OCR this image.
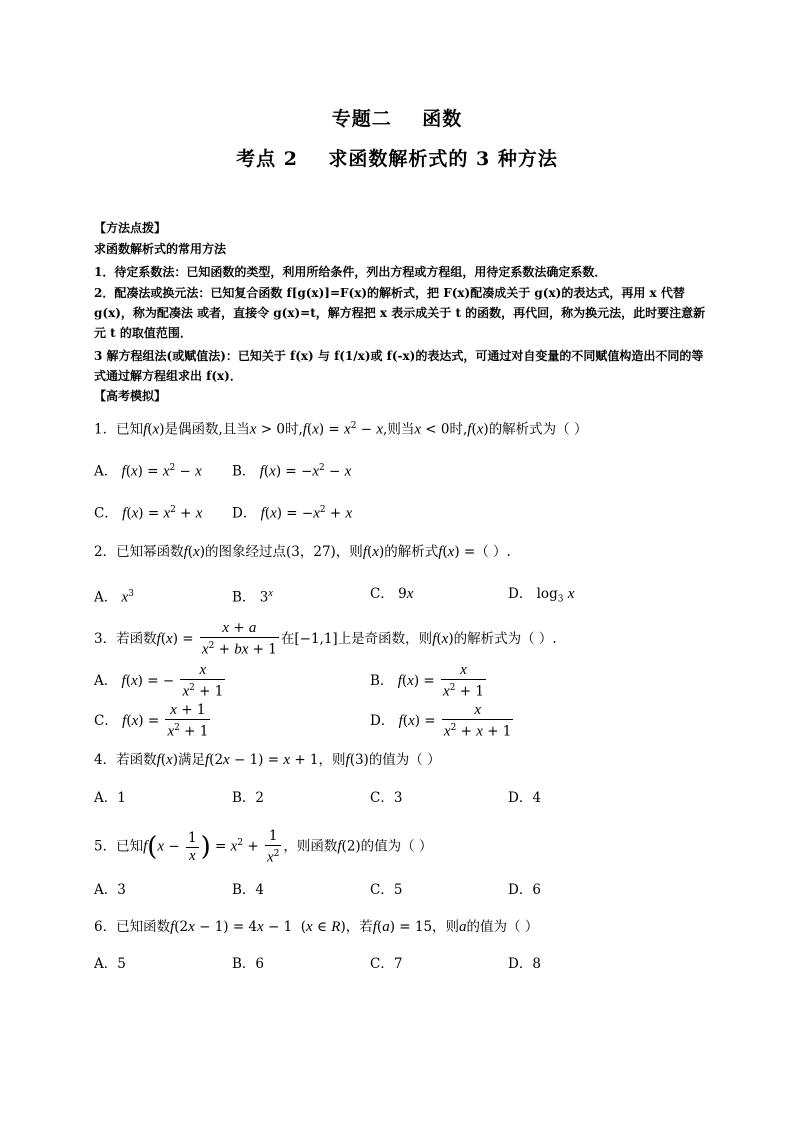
专题二    函数
考点 2    求函数解析式的 3 种方法
【方法点拨】
求函数解析式的常用方法
1．待定系数法：已知函数的类型，利用所给条件，列出方程或方程组，用待定系数法确定系数．
2．配凑法或换元法：已知复合函数 f[g(x)]=F(x)的解析式，把 F(x)配凑成关于 g(x)的表达式，再用 x 代替 g(x)，称为配凑法 或者，直接令 g(x)=t，解方程把 x 表示成关于 t 的函数，再代回，称为换元法，此时要注意新元 t 的取值范围．
3 解方程组法(或赋值法)：已知关于 f(x) 与 f(1/x)或 f(-x)的表达式，可通过对自变量的不同赋值构造出不同的等式通过解方程组求出 f(x)．
【高考模拟】
1．已知f(x)是偶函数,且当x > 0时$,f(x) = x^2 - x$,则当x < 0时,f(x)的解析式为（ ）
A． $f(x) = x^2 - x$ B． $f(x) = -x^2 - x$
C． $f(x) = x^2 + x$ D． $f(x) = -x^2 + x$
2．已知幂函数f(x)的图象经过点(3，27)，则f(x)的解析式f(x) =（ ）.
A． $x^3$	B． 3$^x$	C． 9x	D． $\log_3 x$
3．若函数$f(x) = \frac{x + a}{x^2 + bx + 1}$ 在[−1,1]上是奇函数，则f(x)的解析式为（ ）.
A． f(x) = − $\frac{x}{x^2 + 1}$	B． $f(x) = \frac{x}{x^2 + 1}$
C． $f(x) = \frac{x + 1}{x^2 + 1}$	D． $f(x) = \frac{x}{x^2 + x + 1}$
4．若函数f(x)满足f(2x − 1) = x + 1，则f(3)的值为（ ）
A．1	B．2	C．3	D．4
5．已知$f(x - \frac{1}{x}$ ) = $x^2 + \frac{1}{x^2}$ ，则函数f(2)的值为（ ）
A．3	B．4	C．5	D．6
6．已知函数f(2x − 1) = 4x − 1  (x ∈ R)，若f(a) = 15，则a的值为（ ）
A．5	B．6	C．7	D．8
